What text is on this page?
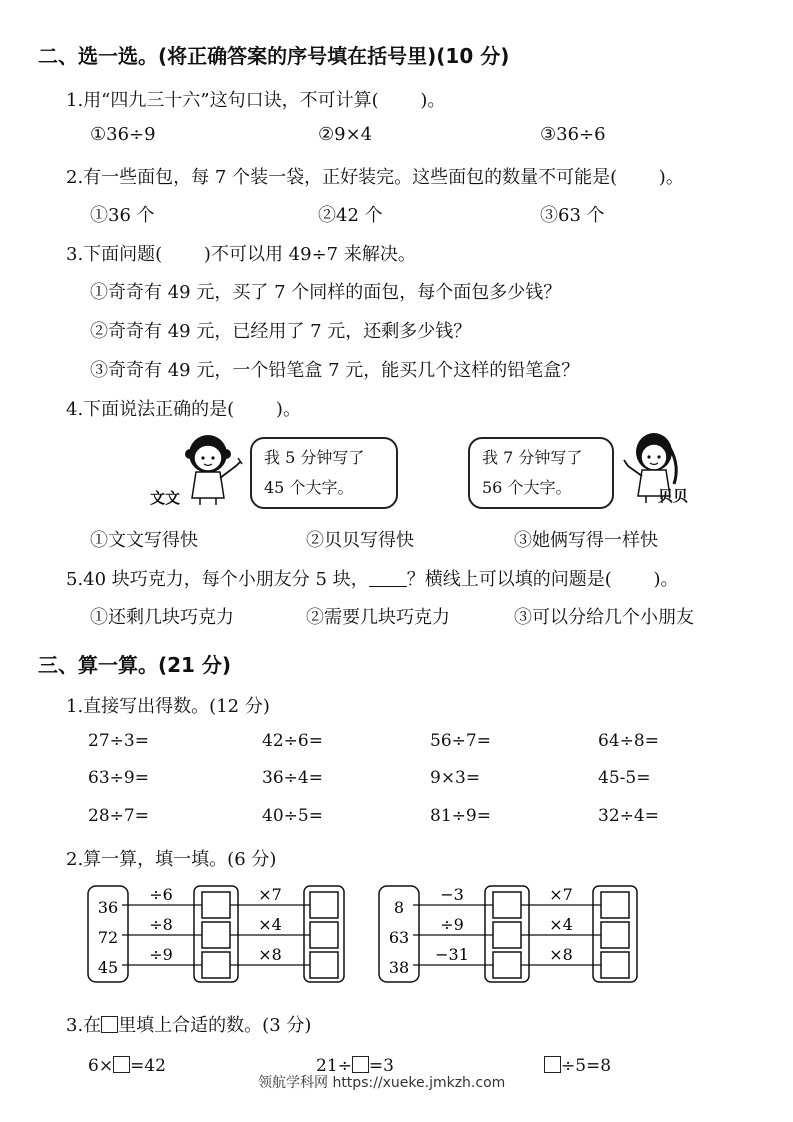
二、选一选。(将正确答案的序号填在括号里)(10 分)
1.用“四九三十六”这句口诀，不可计算(　　 )。
①36÷9	②9×4	③36÷6
2.有一些面包，每 7 个装一袋，正好装完。这些面包的数量不可能是(　　 )。
①36 个	②42 个	③63 个
3.下面问题(　　 )不可以用 49÷7 来解决。
①奇奇有 49 元，买了 7 个同样的面包，每个面包多少钱？
②奇奇有 49 元，已经用了 7 元，还剩多少钱？
③奇奇有 49 元，一个铅笔盒 7 元，能买几个这样的铅笔盒？
4.下面说法正确的是(　　 )。
文文
我 5 分钟写了
45 个大字。
我 7 分钟写了
56 个大字。	贝贝
①文文写得快	②贝贝写得快	③她俩写得一样快
5.40 块巧克力，每个小朋友分 5 块， ？横线上可以填的问题是(　　 )。
①还剩几块巧克力	②需要几块巧克力	③可以分给几个小朋友
三、算一算。(21 分)
1.直接写出得数。(12 分)
27÷3=	42÷6=	56÷7=	64÷8=
63÷9=	36÷4=	9×3=	45-5=
28÷7=	40÷5=	81÷9=	32÷4=
2.算一算，填一填。(6 分)
36
72
45
÷6
÷8
÷9
×7
×4
×8
8
63
38
−3
÷9
−31
×7
×4
×8
3.在 里填上合适的数。(3 分)
6× =42	21÷ =3	÷5=8
领航学科网 https://xueke.jmkzh.com
